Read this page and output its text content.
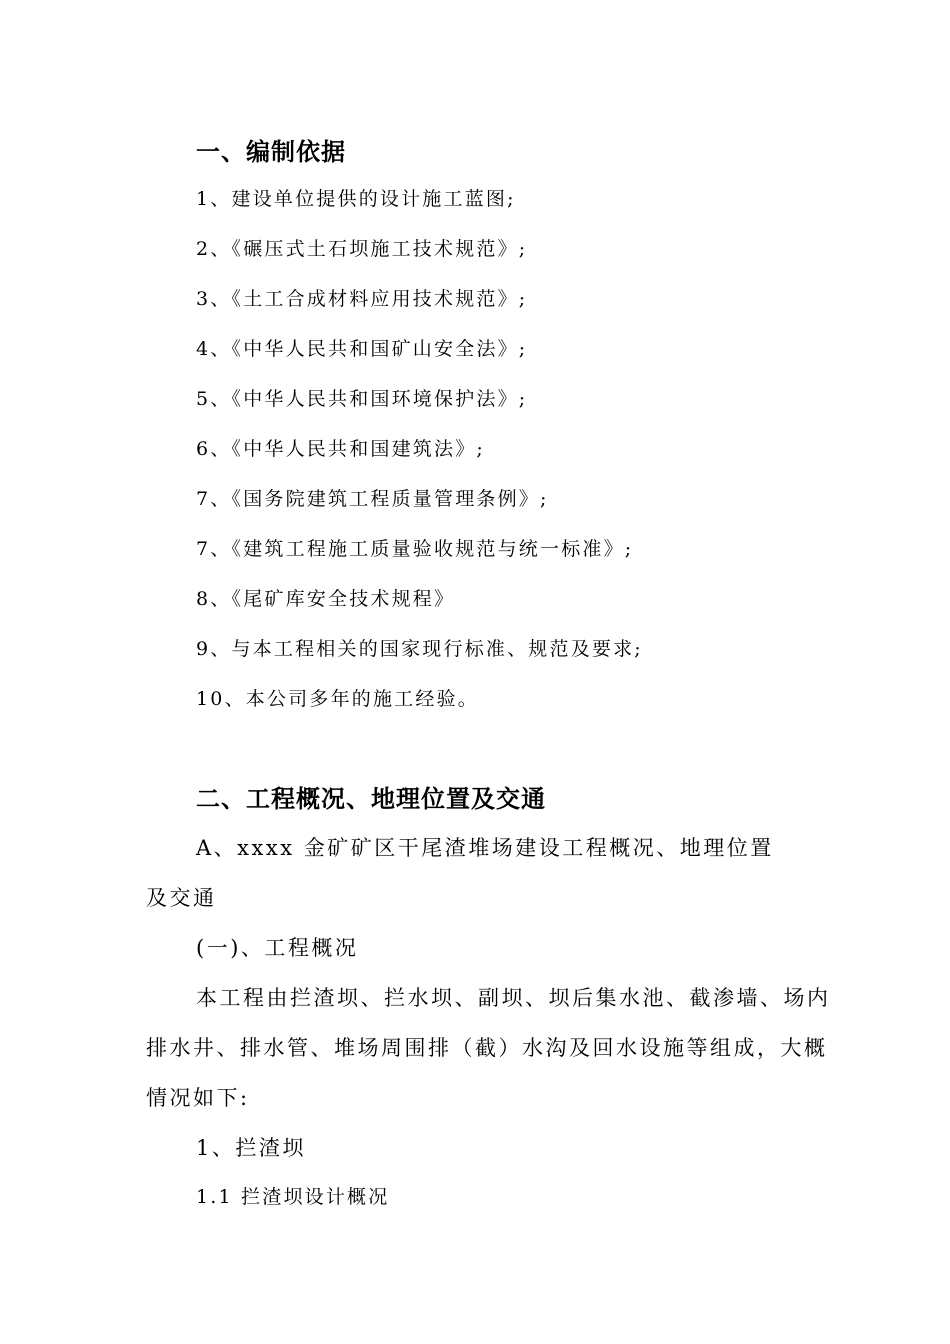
一、编制依据
1、建设单位提供的设计施工蓝图;
2、《碾压式土石坝施工技术规范》;
3、《土工合成材料应用技术规范》;
4、《中华人民共和国矿山安全法》;
5、《中华人民共和国环境保护法》;
6、《中华人民共和国建筑法》;
7、《国务院建筑工程质量管理条例》;
7、《建筑工程施工质量验收规范与统一标准》;
8、《尾矿库安全技术规程》
9、与本工程相关的国家现行标准、规范及要求;
10、本公司多年的施工经验。
二、工程概况、地理位置及交通
A、xxxx 金矿矿区干尾渣堆场建设工程概况、地理位置
及交通
(一)、工程概况
本工程由拦渣坝、拦水坝、副坝、坝后集水池、截渗墙、场内
排水井、排水管、堆场周围排（截）水沟及回水设施等组成，大概
情况如下:
1、拦渣坝
1.1 拦渣坝设计概况
